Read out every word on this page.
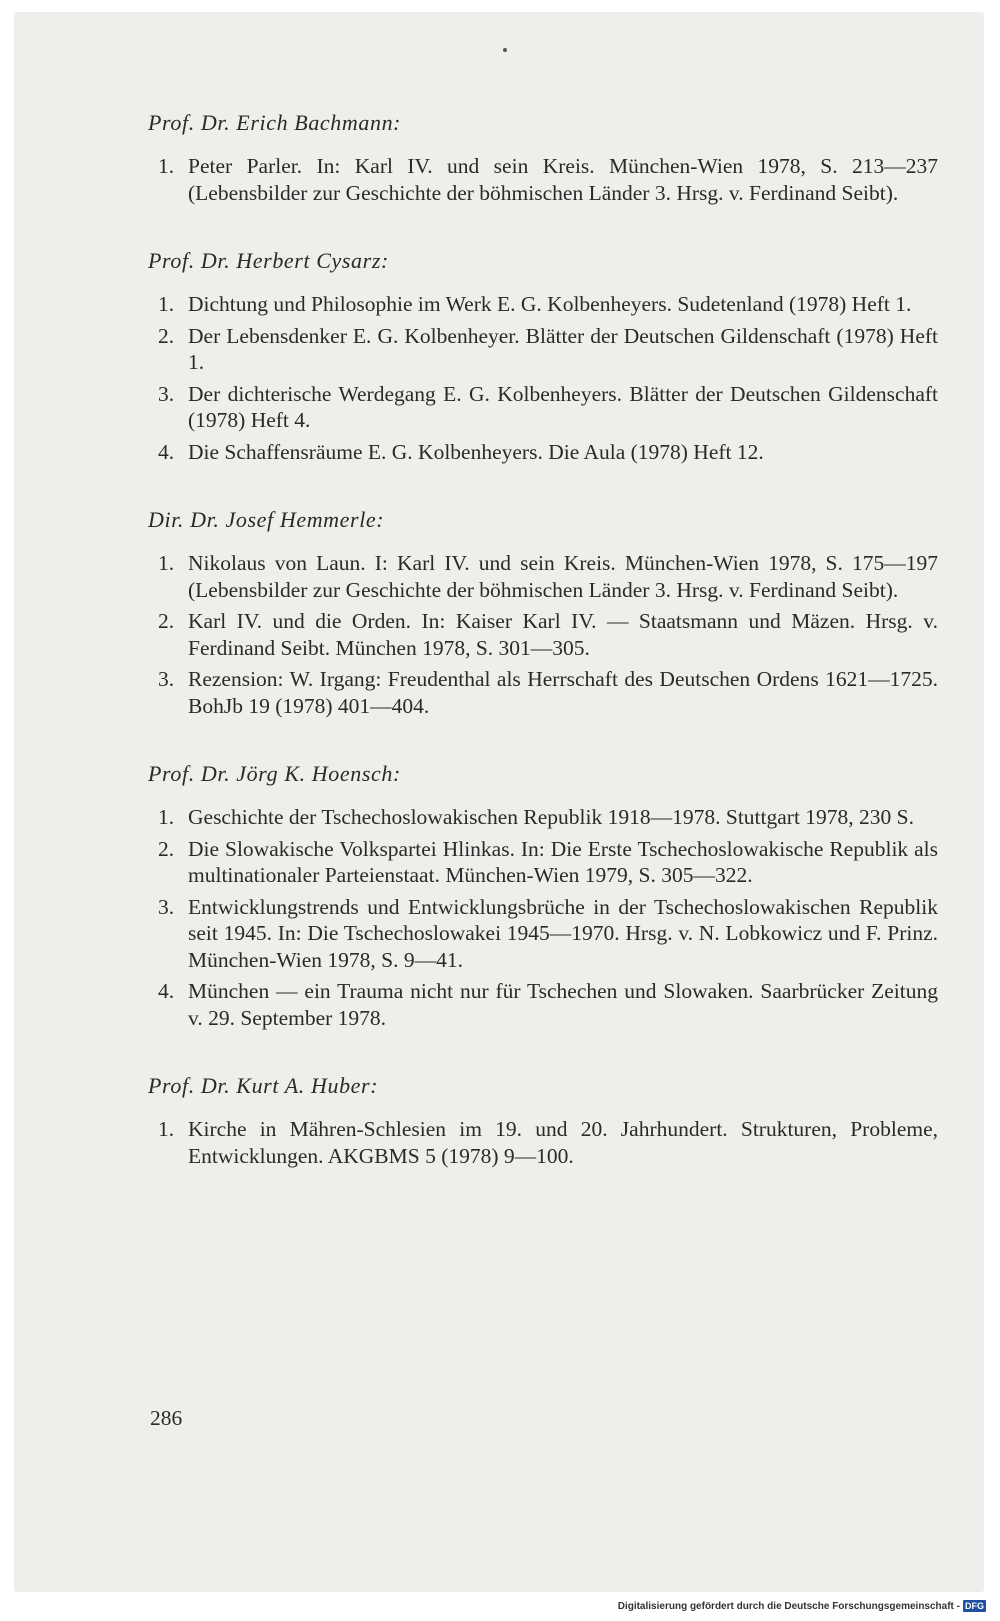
Prof. Dr. Erich Bachmann:
1. Peter Parler. In: Karl IV. und sein Kreis. München-Wien 1978, S. 213—237 (Lebensbilder zur Geschichte der böhmischen Länder 3. Hrsg. v. Ferdinand Seibt).
Prof. Dr. Herbert Cysarz:
1. Dichtung und Philosophie im Werk E. G. Kolbenheyers. Sudetenland (1978) Heft 1.
2. Der Lebensdenker E. G. Kolbenheyer. Blätter der Deutschen Gildenschaft (1978) Heft 1.
3. Der dichterische Werdegang E. G. Kolbenheyers. Blätter der Deutschen Gildenschaft (1978) Heft 4.
4. Die Schaffensräume E. G. Kolbenheyers. Die Aula (1978) Heft 12.
Dir. Dr. Josef Hemmerle:
1. Nikolaus von Laun. I: Karl IV. und sein Kreis. München-Wien 1978, S. 175—197 (Lebensbilder zur Geschichte der böhmischen Länder 3. Hrsg. v. Ferdinand Seibt).
2. Karl IV. und die Orden. In: Kaiser Karl IV. — Staatsmann und Mäzen. Hrsg. v. Ferdinand Seibt. München 1978, S. 301—305.
3. Rezension: W. Irgang: Freudenthal als Herrschaft des Deutschen Ordens 1621—1725. BohJb 19 (1978) 401—404.
Prof. Dr. Jörg K. Hoensch:
1. Geschichte der Tschechoslowakischen Republik 1918—1978. Stuttgart 1978, 230 S.
2. Die Slowakische Volkspartei Hlinkas. In: Die Erste Tschechoslowakische Republik als multinationaler Parteienstaat. München-Wien 1979, S. 305—322.
3. Entwicklungstrends und Entwicklungsbrüche in der Tschechoslowakischen Republik seit 1945. In: Die Tschechoslowakei 1945—1970. Hrsg. v. N. Lobkowicz und F. Prinz. München-Wien 1978, S. 9—41.
4. München — ein Trauma nicht nur für Tschechen und Slowaken. Saarbrücker Zeitung v. 29. September 1978.
Prof. Dr. Kurt A. Huber:
1. Kirche in Mähren-Schlesien im 19. und 20. Jahrhundert. Strukturen, Probleme, Entwicklungen. AKGBMS 5 (1978) 9—100.
286
Digitalisierung gefördert durch die Deutsche Forschungsgemeinschaft - DFG
